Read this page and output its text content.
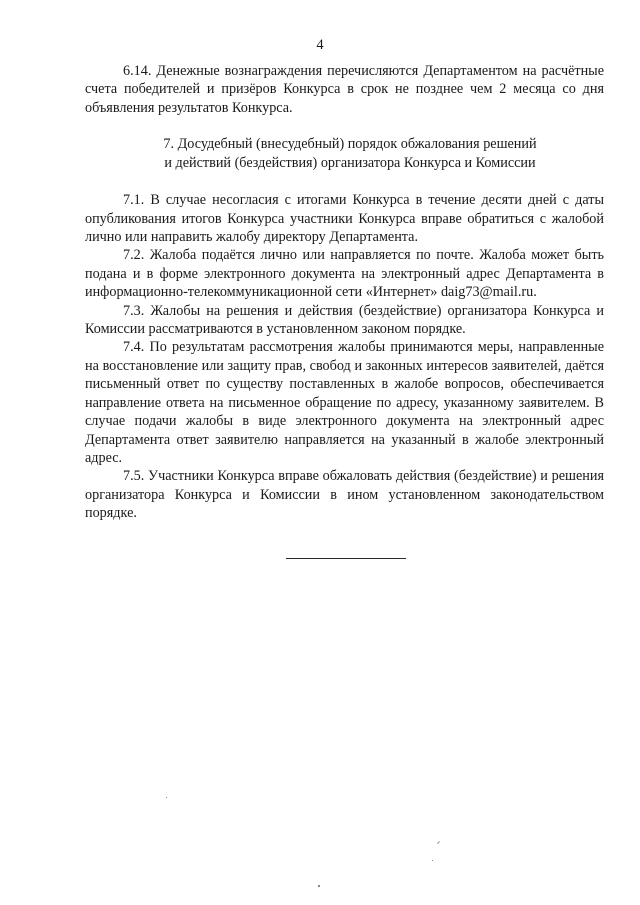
4

6.14. Денежные вознаграждения перечисляются Департаментом на расчётные счета победителей и призёров Конкурса в срок не позднее чем 2 месяца со дня объявления результатов Конкурса.

7. Досудебный (внесудебный) порядок обжалования решений
и действий (бездействия) организатора Конкурса и Комиссии

7.1. В случае несогласия с итогами Конкурса в течение десяти дней с даты опубликования итогов Конкурса участники Конкурса вправе обратиться с жалобой лично или направить жалобу директору Департамента.

7.2. Жалоба подаётся лично или направляется по почте. Жалоба может быть подана и в форме электронного документа на электронный адрес Департамента в информационно-телекоммуникационной сети «Интернет» daig73@mail.ru.

7.3. Жалобы на решения и действия (бездействие) организатора Конкурса и Комиссии рассматриваются в установленном законом порядке.

7.4. По результатам рассмотрения жалобы принимаются меры, направленные на восстановление или защиту прав, свобод и законных интересов заявителей, даётся письменный ответ по существу поставленных в жалобе вопросов, обеспечивается направление ответа на письменное обращение по адресу, указанному заявителем. В случае подачи жалобы в виде электронного документа на электронный адрес Департамента ответ заявителю направляется на указанный в жалобе электронный адрес.

7.5. Участники Конкурса вправе обжаловать действия (бездействие) и решения организатора Конкурса и Комиссии в ином установленном законодательством порядке.
